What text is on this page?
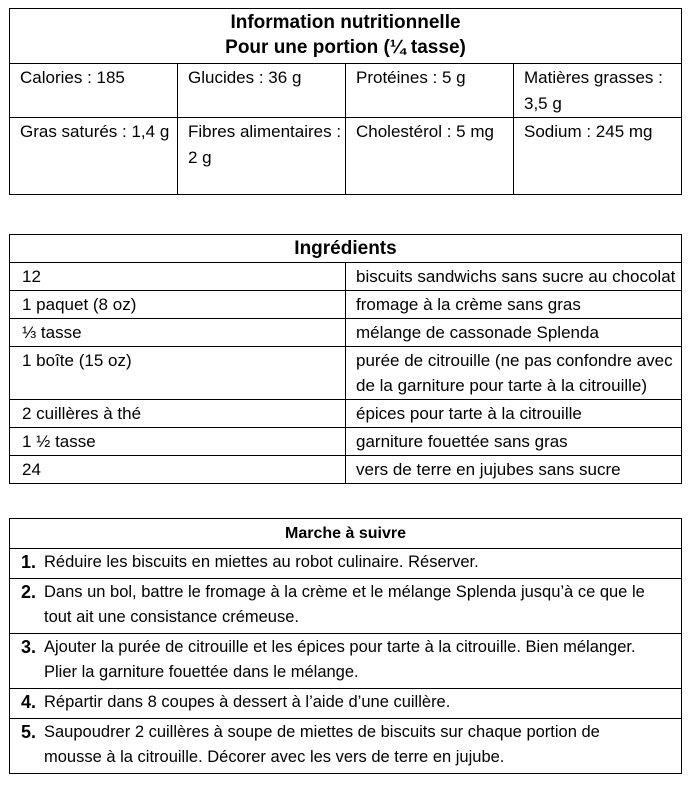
Information nutritionnelle
Pour une portion (¼ tasse)			
Calories : 185	Glucides : 36 g	Protéines : 5 g	Matières grasses : 3,5 g
Gras saturés : 1,4 g	Fibres alimentaires : 2 g	Cholestérol : 5 mg	Sodium : 245 mg
Ingrédients	
12	biscuits sandwichs sans sucre au chocolat
1 paquet (8 oz)	fromage à la crème sans gras
⅓ tasse	mélange de cassonade Splenda
1 boîte (15 oz)	purée de citrouille (ne pas confondre avec de la garniture pour tarte à la citrouille)
2 cuillères à thé	épices pour tarte à la citrouille
1 ½ tasse	garniture fouettée sans gras
24	vers de terre en jujubes sans sucre
Marche à suivre
1. Réduire les biscuits en miettes au robot culinaire. Réserver.
2. Dans un bol, battre le fromage à la crème et le mélange Splenda jusqu’à ce que le tout ait une consistance crémeuse.
3. Ajouter la purée de citrouille et les épices pour tarte à la citrouille. Bien mélanger. Plier la garniture fouettée dans le mélange.
4. Répartir dans 8 coupes à dessert à l’aide d’une cuillère.
5. Saupoudrer 2 cuillères à soupe de miettes de biscuits sur chaque portion de mousse à la citrouille. Décorer avec les vers de terre en jujube.
